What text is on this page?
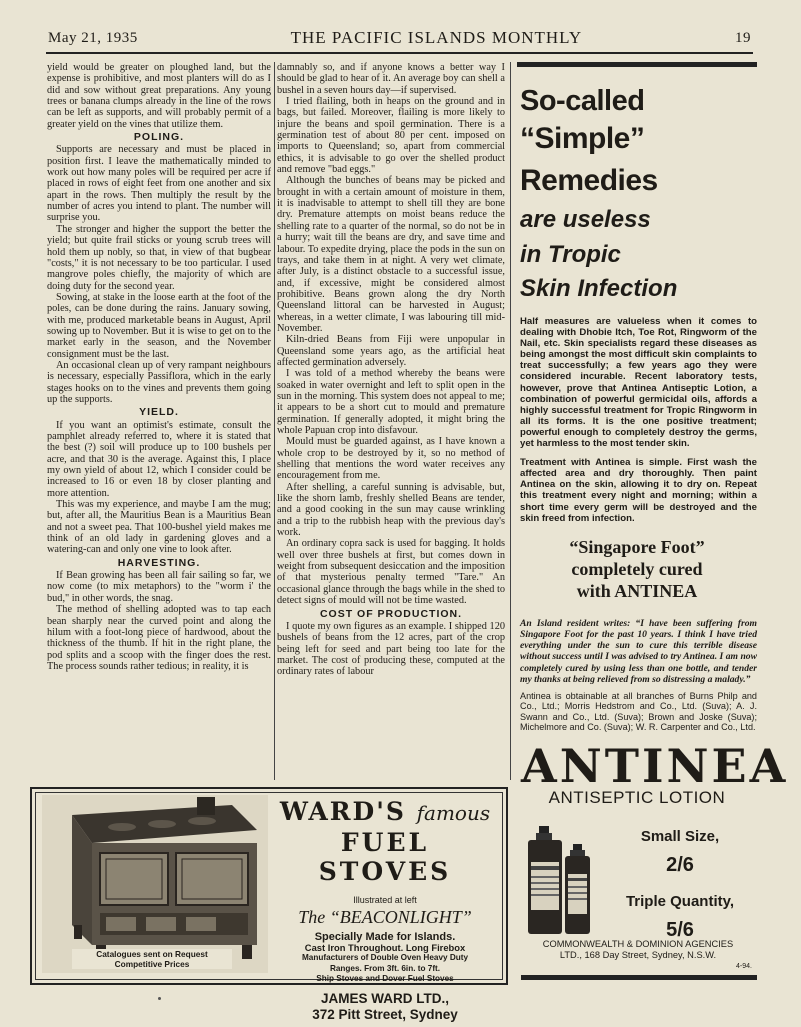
May 21, 1935	THE PACIFIC ISLANDS MONTHLY	19

yield would be greater on ploughed land, but the expense is prohibitive, and most planters will do as I did and sow without great preparations. Any young trees or banana clumps already in the line of the rows can be left as supports, and will probably permit of a greater yield on the vines that utilize them.

POLING.

Supports are necessary and must be placed in position first. I leave the mathematically minded to work out how many poles will be required per acre if placed in rows of eight feet from one another and six apart in the rows. Then multiply the result by the number of acres you intend to plant. The number will surprise you.

The stronger and higher the support the better the yield; but quite frail sticks or young scrub trees will hold them up nobly, so that, in view of that bugbear "costs," it is not necessary to be too particular. I used mangrove poles chiefly, the majority of which are doing duty for the second year.

Sowing, at stake in the loose earth at the foot of the poles, can be done during the rains. January sowing, with me, produced marketable beans in August, April sowing up to November. But it is wise to get on to the market early in the season, and the November consignment must be the last.

An occasional clean up of very rampant neighbours is necessary, especially Passiflora, which in the early stages hooks on to the vines and prevents them going up the supports.

YIELD.

If you want an optimist's estimate, consult the pamphlet already referred to, where it is stated that the best (?) soil will produce up to 100 bushels per acre, and that 30 is the average. Against this, I place my own yield of about 12, which I consider could be increased to 16 or even 18 by closer planting and more attention.

This was my experience, and maybe I am the mug; but, after all, the Mauritius Bean is a Mauritius Bean and not a sweet pea. That 100-bushel yield makes me think of an old lady in gardening gloves and a watering-can and only one vine to look after.

HARVESTING.

If Bean growing has been all fair sailing so far, we now come (to mix metaphors) to the "worm i' the bud," in other words, the snag.

The method of shelling adopted was to tap each bean sharply near the curved point and along the hilum with a foot-long piece of hardwood, about the thickness of the thumb. If hit in the right plane, the pod splits and a scoop with the finger does the rest. The process sounds rather tedious; in reality, it is

damnably so, and if anyone knows a better way I should be glad to hear of it. An average boy can shell a bushel in a seven hours day—if supervised.

I tried flailing, both in heaps on the ground and in bags, but failed. Moreover, flailing is more likely to injure the beans and spoil germination. There is a germination test of about 80 per cent. imposed on imports to Queensland; so, apart from commercial ethics, it is advisable to go over the shelled product and remove "bad eggs."

Although the bunches of beans may be picked and brought in with a certain amount of moisture in them, it is inadvisable to attempt to shell till they are bone dry. Premature attempts on moist beans reduce the shelling rate to a quarter of the normal, so do not be in a hurry; wait till the beans are dry, and save time and labour. To expedite drying, place the pods in the sun on trays, and take them in at night. A very wet climate, after July, is a distinct obstacle to a successful issue, and, if excessive, might be considered almost prohibitive. Beans grown along the dry North Queensland littoral can be harvested in August; whereas, in a wetter climate, I was labouring till mid-November.

Kiln-dried Beans from Fiji were unpopular in Queensland some years ago, as the artificial heat affected germination adversely.

I was told of a method whereby the beans were soaked in water overnight and left to split open in the sun in the morning. This system does not appeal to me; it appears to be a short cut to mould and premature germination. If generally adopted, it might bring the whole Papuan crop into disfavour.

Mould must be guarded against, as I have known a whole crop to be destroyed by it, so no method of shelling that mentions the word water receives any encouragement from me.

After shelling, a careful sunning is advisable, but, like the shorn lamb, freshly shelled Beans are tender, and a good cooking in the sun may cause wrinkling and a trip to the rubbish heap with the previous day's work.

An ordinary copra sack is used for bagging. It holds well over three bushels at first, but comes down in weight from subsequent desiccation and the imposition of that mysterious penalty termed "Tare." An occasional glance through the bags while in the shed to detect signs of mould will not be time wasted.

COST OF PRODUCTION.

I quote my own figures as an example. I shipped 120 bushels of beans from the 12 acres, part of the crop being left for seed and part being too late for the market. The cost of producing these, computed at the ordinary rates of labour

So-called
“Simple” Remedies
are useless
in Tropic
Skin Infection

Half measures are valueless when it comes to dealing with Dhobie Itch, Toe Rot, Ringworm of the Nail, etc. Skin specialists regard these diseases as being amongst the most difficult skin complaints to treat successfully; a few years ago they were considered incurable. Recent laboratory tests, however, prove that Antinea Antiseptic Lotion, a combination of powerful germicidal oils, affords a highly successful treatment for Tropic Ringworm in all its forms. It is the one positive treatment; powerful enough to completely destroy the germs, yet harmless to the most tender skin.

Treatment with Antinea is simple. First wash the affected area and dry thoroughly. Then paint Antinea on the skin, allowing it to dry on. Repeat this treatment every night and morning; within a short time every germ will be destroyed and the skin freed from infection.

“Singapore Foot”
completely cured
with ANTINEA
An Island resident writes: “I have been suffering from Singapore Foot for the past 10 years. I think I have tried everything under the sun to cure this terrible disease without success until I was advised to try Antinea. I am now completely cured by using less than one bottle, and tender my thanks at being relieved from so distressing a malady.”
Antinea is obtainable at all branches of Burns Philp and Co., Ltd.; Morris Hedstrom and Co., Ltd. (Suva); A. J. Swann and Co., Ltd. (Suva); Brown and Joske (Suva); Michelmore and Co. (Suva); W. R. Carpenter and Co., Ltd.
ANTINEA
ANTISEPTIC LOTION
Small Size,
2/6
Triple Quantity,
5/6
COMMONWEALTH & DOMINION AGENCIES
LTD., 168 Day Street, Sydney, N.S.W.
4-94.
Catalogues sent on Request
Competitive Prices
WARD'S famous
FUEL STOVES
Illustrated at left
The “BEACONLIGHT”
Specially Made for Islands.
Cast Iron Throughout. Long Firebox
Manufacturers of Double Oven Heavy Duty
Ranges. From 3ft. 6in. to 7ft.
Ship Stoves and Dover Fuel Stoves
JAMES WARD LTD.,
372 Pitt Street, Sydney
